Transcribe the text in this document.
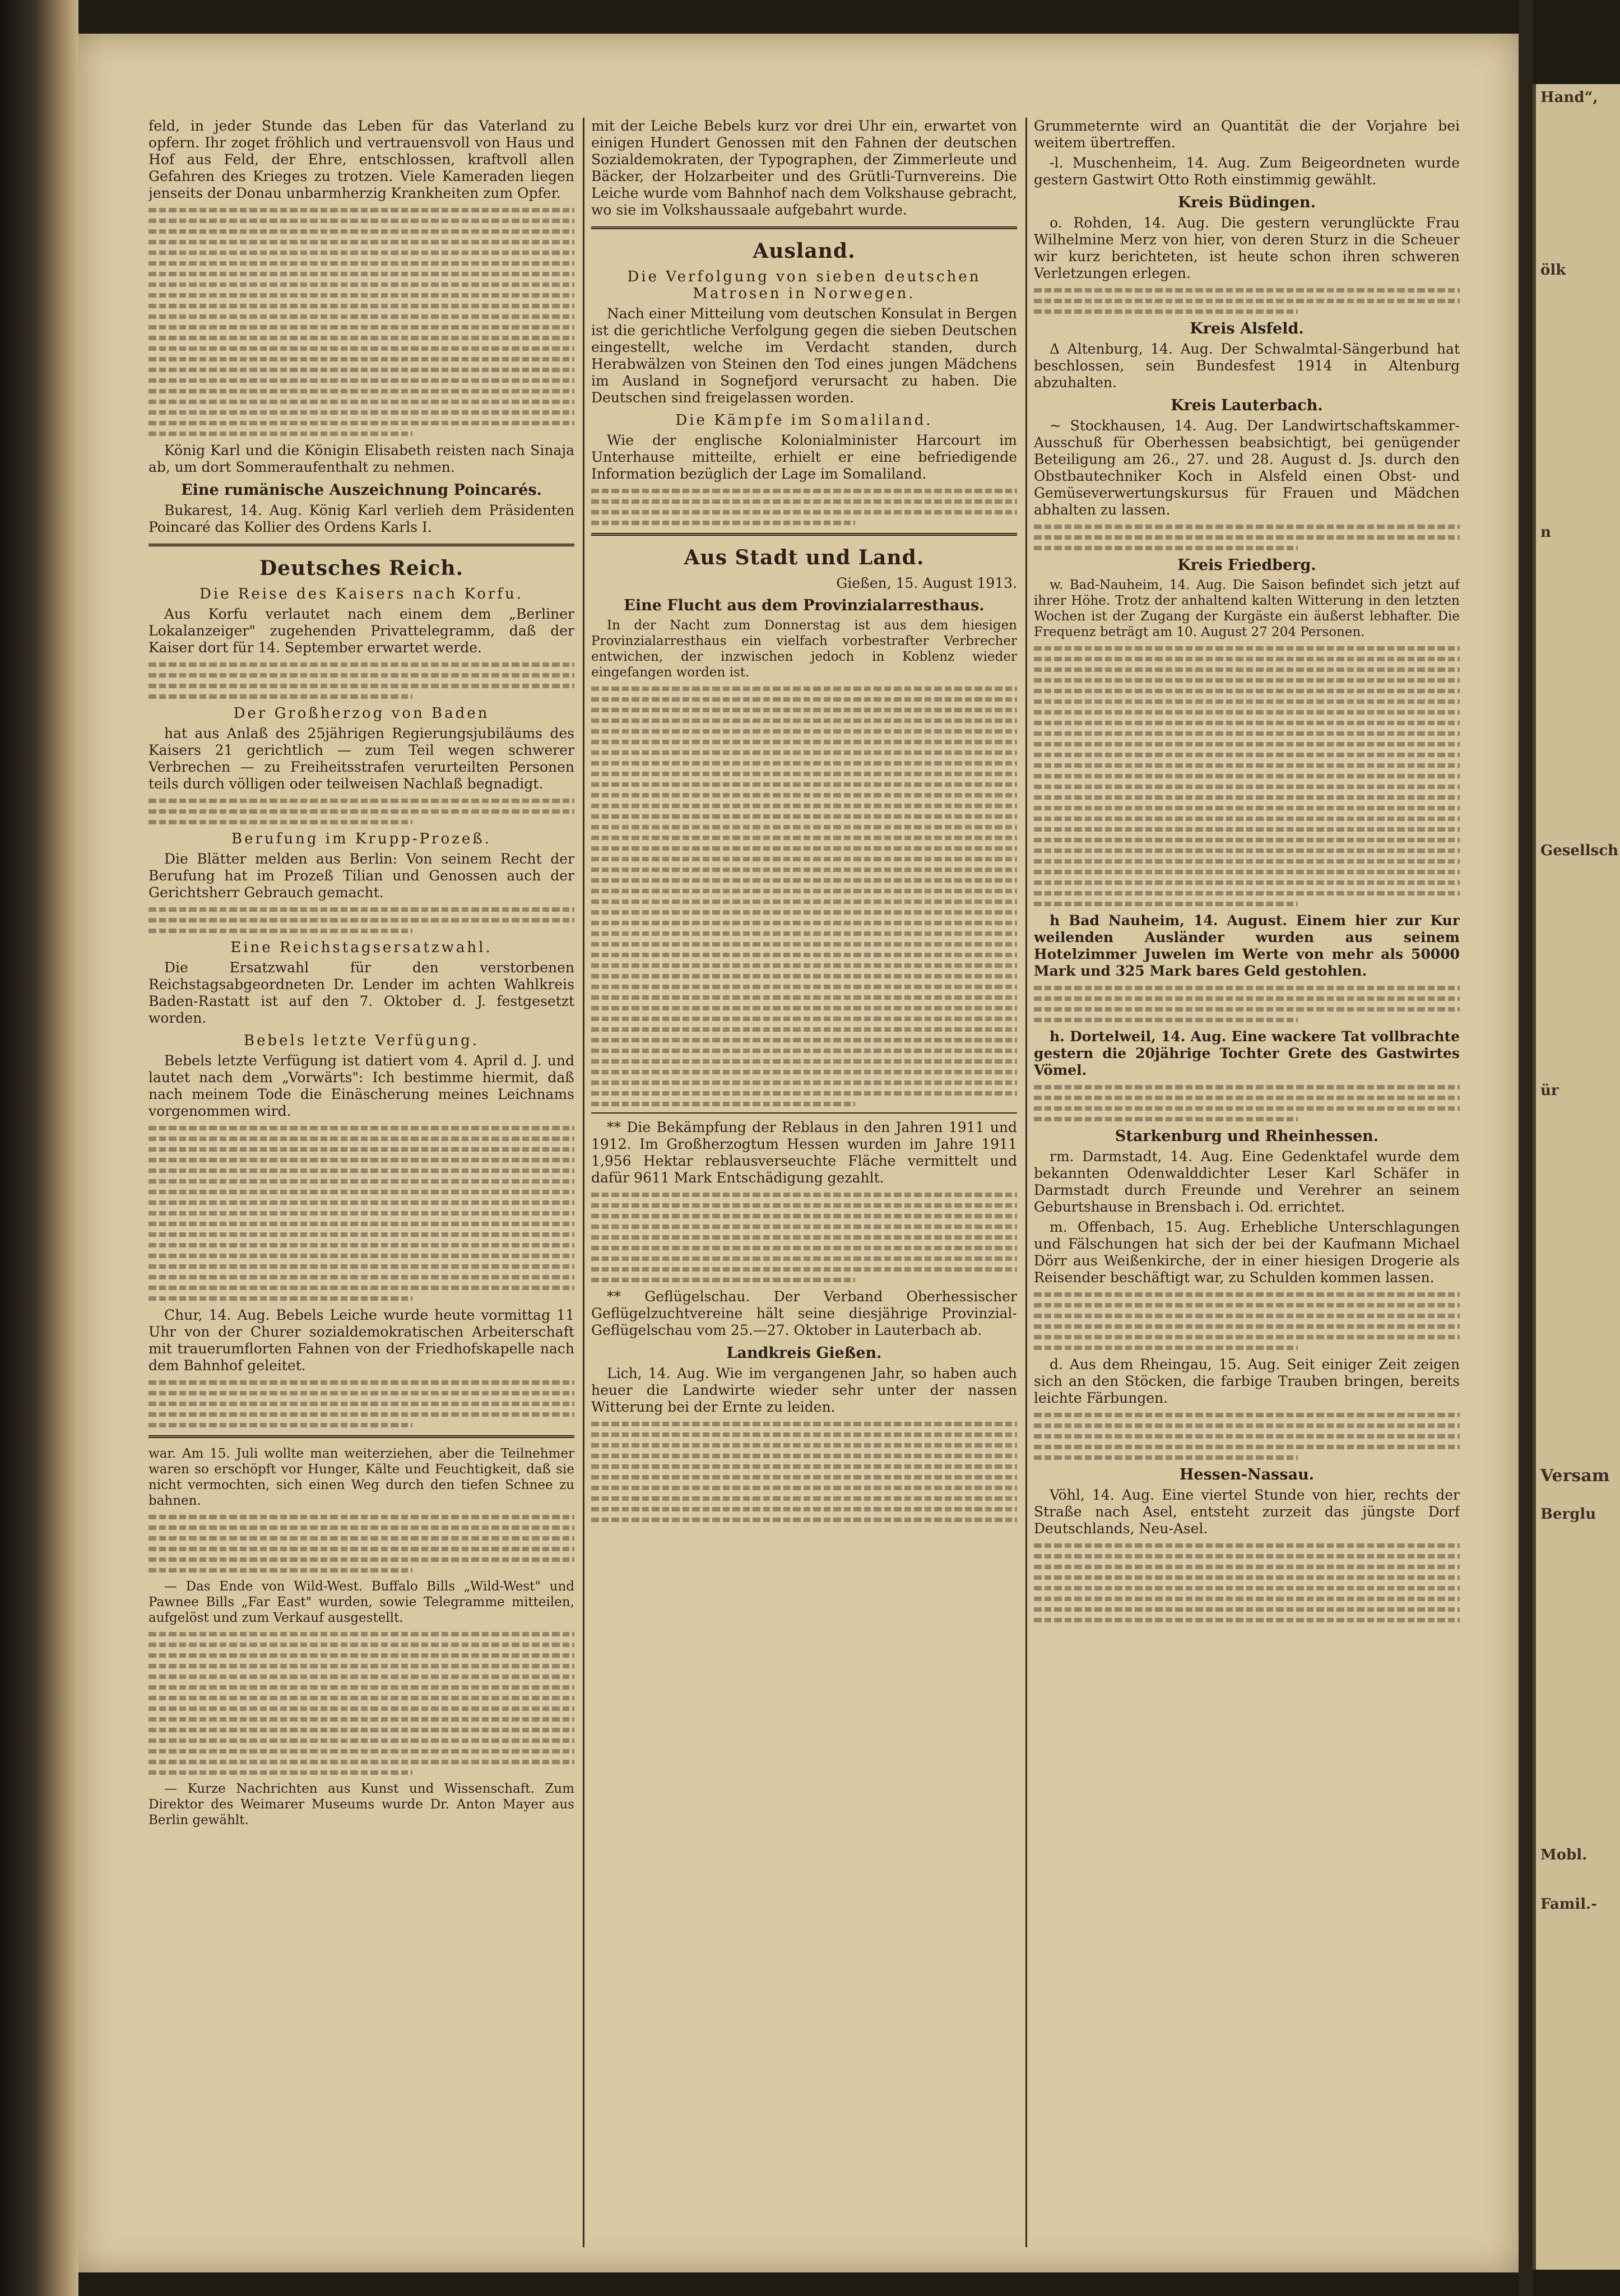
feld, in jeder Stunde das Leben für das Vaterland zu opfern. Ihr zoget fröhlich und vertrauensvoll von Haus und Hof aus Feld, der Ehre, entschlossen, kraftvoll allen Gefahren des Krieges zu trotzen. Viele Kameraden liegen jenseits der Donau unbarmherzig Krankheiten zum Opfer.

König Karl und die Königin Elisabeth reisten nach Sinaja ab, um dort Sommeraufenthalt zu nehmen.

Eine rumänische Auszeichnung Poincarés.

Bukarest, 14. Aug. König Karl verlieh dem Präsidenten Poincaré das Kollier des Ordens Karls I.

Deutsches Reich.
Die Reise des Kaisers nach Korfu.

Aus Korfu verlautet nach einem dem „Berliner Lokalanzeiger" zugehenden Privattelegramm, daß der Kaiser dort für 14. September erwartet werde.

Der Großherzog von Baden

hat aus Anlaß des 25jährigen Regierungsjubiläums des Kaisers 21 gerichtlich — zum Teil wegen schwerer Verbrechen — zu Freiheitsstrafen verurteilten Personen teils durch völligen oder teilweisen Nachlaß begnadigt.

Berufung im Krupp-Prozeß.

Die Blätter melden aus Berlin: Von seinem Recht der Berufung hat im Prozeß Tilian und Genossen auch der Gerichtsherr Gebrauch gemacht.

Eine Reichstagsersatzwahl.

Die Ersatzwahl für den verstorbenen Reichstagsabgeordneten Dr. Lender im achten Wahlkreis Baden-Rastatt ist auf den 7. Oktober d. J. festgesetzt worden.

Bebels letzte Verfügung.

Bebels letzte Verfügung ist datiert vom 4. April d. J. und lautet nach dem „Vorwärts": Ich bestimme hiermit, daß nach meinem Tode die Einäscherung meines Leichnams vorgenommen wird.

Chur, 14. Aug. Bebels Leiche wurde heute vormittag 11 Uhr von der Churer sozialdemokratischen Arbeiterschaft mit trauerumflorten Fahnen von der Friedhofskapelle nach dem Bahnhof geleitet.

war. Am 15. Juli wollte man weiterziehen, aber die Teilnehmer waren so erschöpft vor Hunger, Kälte und Feuchtigkeit, daß sie nicht vermochten, sich einen Weg durch den tiefen Schnee zu bahnen.

— Das Ende von Wild-West. Buffalo Bills „Wild-West" und Pawnee Bills „Far East" wurden, sowie Telegramme mitteilen, aufgelöst und zum Verkauf ausgestellt.

— Kurze Nachrichten aus Kunst und Wissenschaft. Zum Direktor des Weimarer Museums wurde Dr. Anton Mayer aus Berlin gewählt.

mit der Leiche Bebels kurz vor drei Uhr ein, erwartet von einigen Hundert Genossen mit den Fahnen der deutschen Sozialdemokraten, der Typographen, der Zimmerleute und Bäcker, der Holzarbeiter und des Grütli-Turnvereins. Die Leiche wurde vom Bahnhof nach dem Volkshause gebracht, wo sie im Volkshaussaale aufgebahrt wurde.

Ausland.
Die Verfolgung von sieben deutschen Matrosen in Norwegen.

Nach einer Mitteilung vom deutschen Konsulat in Bergen ist die gerichtliche Verfolgung gegen die sieben Deutschen eingestellt, welche im Verdacht standen, durch Herabwälzen von Steinen den Tod eines jungen Mädchens im Ausland in Sognefjord verursacht zu haben. Die Deutschen sind freigelassen worden.

Die Kämpfe im Somaliland.

Wie der englische Kolonialminister Harcourt im Unterhause mitteilte, erhielt er eine befriedigende Information bezüglich der Lage im Somaliland.

Aus Stadt und Land.
Gießen, 15. August 1913.
Eine Flucht aus dem Provinzialarresthaus.

In der Nacht zum Donnerstag ist aus dem hiesigen Provinzialarresthaus ein vielfach vorbestrafter Verbrecher entwichen, der inzwischen jedoch in Koblenz wieder eingefangen worden ist.

** Die Bekämpfung der Reblaus in den Jahren 1911 und 1912. Im Großherzogtum Hessen wurden im Jahre 1911 1,956 Hektar reblausverseuchte Fläche vermittelt und dafür 9611 Mark Entschädigung gezahlt.

** Geflügelschau. Der Verband Oberhessischer Geflügelzuchtvereine hält seine diesjährige Provinzial-Geflügelschau vom 25.—27. Oktober in Lauterbach ab.

Landkreis Gießen.

Lich, 14. Aug. Wie im vergangenen Jahr, so haben auch heuer die Landwirte wieder sehr unter der nassen Witterung bei der Ernte zu leiden.

Grummeternte wird an Quantität die der Vorjahre bei weitem übertreffen.

-l. Muschenheim, 14. Aug. Zum Beigeordneten wurde gestern Gastwirt Otto Roth einstimmig gewählt.

Kreis Büdingen.

o. Rohden, 14. Aug. Die gestern verunglückte Frau Wilhelmine Merz von hier, von deren Sturz in die Scheuer wir kurz berichteten, ist heute schon ihren schweren Verletzungen erlegen.

Kreis Alsfeld.

Δ Altenburg, 14. Aug. Der Schwalmtal-Sängerbund hat beschlossen, sein Bundesfest 1914 in Altenburg abzuhalten.

Kreis Lauterbach.

~ Stockhausen, 14. Aug. Der Landwirtschaftskammer-Ausschuß für Oberhessen beabsichtigt, bei genügender Beteiligung am 26., 27. und 28. August d. Js. durch den Obstbautechniker Koch in Alsfeld einen Obst- und Gemüseverwertungskursus für Frauen und Mädchen abhalten zu lassen.

Kreis Friedberg.

w. Bad-Nauheim, 14. Aug. Die Saison befindet sich jetzt auf ihrer Höhe. Trotz der anhaltend kalten Witterung in den letzten Wochen ist der Zugang der Kurgäste ein äußerst lebhafter. Die Frequenz beträgt am 10. August 27 204 Personen.

h Bad Nauheim, 14. August. Einem hier zur Kur weilenden Ausländer wurden aus seinem Hotelzimmer Juwelen im Werte von mehr als 50000 Mark und 325 Mark bares Geld gestohlen.

h. Dortelweil, 14. Aug. Eine wackere Tat vollbrachte gestern die 20jährige Tochter Grete des Gastwirtes Vömel.

Starkenburg und Rheinhessen.

rm. Darmstadt, 14. Aug. Eine Gedenktafel wurde dem bekannten Odenwalddichter Leser Karl Schäfer in Darmstadt durch Freunde und Verehrer an seinem Geburtshause in Brensbach i. Od. errichtet.

m. Offenbach, 15. Aug. Erhebliche Unterschlagungen und Fälschungen hat sich der bei der Kaufmann Michael Dörr aus Weißenkirche, der in einer hiesigen Drogerie als Reisender beschäftigt war, zu Schulden kommen lassen.

d. Aus dem Rheingau, 15. Aug. Seit einiger Zeit zeigen sich an den Stöcken, die farbige Trauben bringen, bereits leichte Färbungen.

Hessen-Nassau.

Vöhl, 14. Aug. Eine viertel Stunde von hier, rechts der Straße nach Asel, entsteht zurzeit das jüngste Dorf Deutschlands, Neu-Asel.

Hand“,
ölk
n
Gesellsch
ür
Versam
Berglu
Mobl.
Famil.-
